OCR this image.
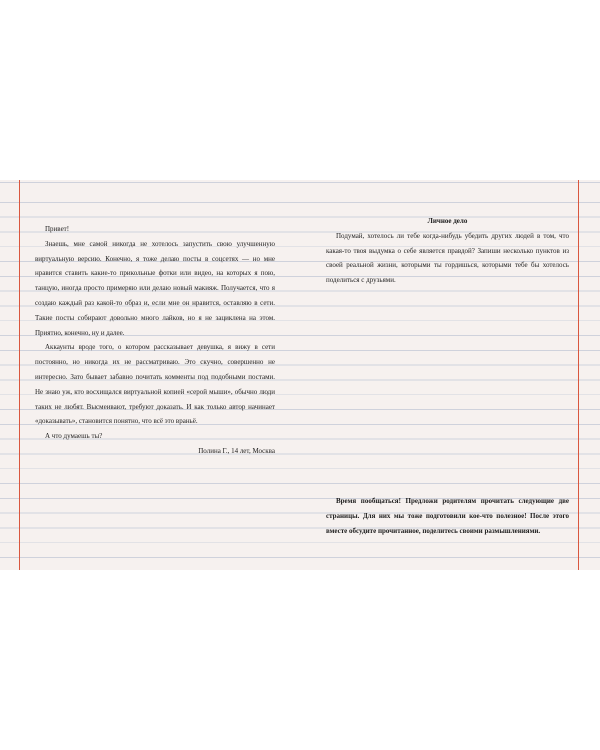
Привет!

Знаешь, мне самой никогда не хотелось запустить свою улучшенную виртуальную версию. Конечно, я тоже делаю посты в соцсетях — но мне нравится ставить какие-то прикольные фотки или видео, на которых я пою, танцую, иногда просто примеряю или делаю новый макияж. Получается, что я создаю каждый раз какой-то образ и, если мне он нравится, оставляю в сети. Такие посты собирают довольно много лайков, но я не зациклена на этом. Приятно, конечно, ну и далее.

Аккаунты вроде того, о котором рассказывает девушка, я вижу в сети постоянно, но никогда их не рассматриваю. Это скучно, совершенно не интересно. Зато бывает забавно почитать комменты под подобными постами. Не знаю уж, кто восхищался виртуальной копией «серой мыши», обычно люди таких не любят. Высмеивают, требуют доказать. И как только автор начинает «доказывать», становится понятно, что всё это враньё.

А что думаешь ты?

Полина Г., 14 лет, Москва

Личное дело

Подумай, хотелось ли тебе когда-нибудь убедить других людей в том, что какая-то твоя выдумка о себе является правдой? Запиши несколько пунктов из своей реальной жизни, которыми ты гордишься, которыми тебе бы хотелось поделиться с друзьями.

Время пообщаться! Предложи родителям прочитать следующие две страницы. Для них мы тоже подготовили кое-что полезное! После этого вместе обсудите прочитанное, поделитесь своими размышлениями.
